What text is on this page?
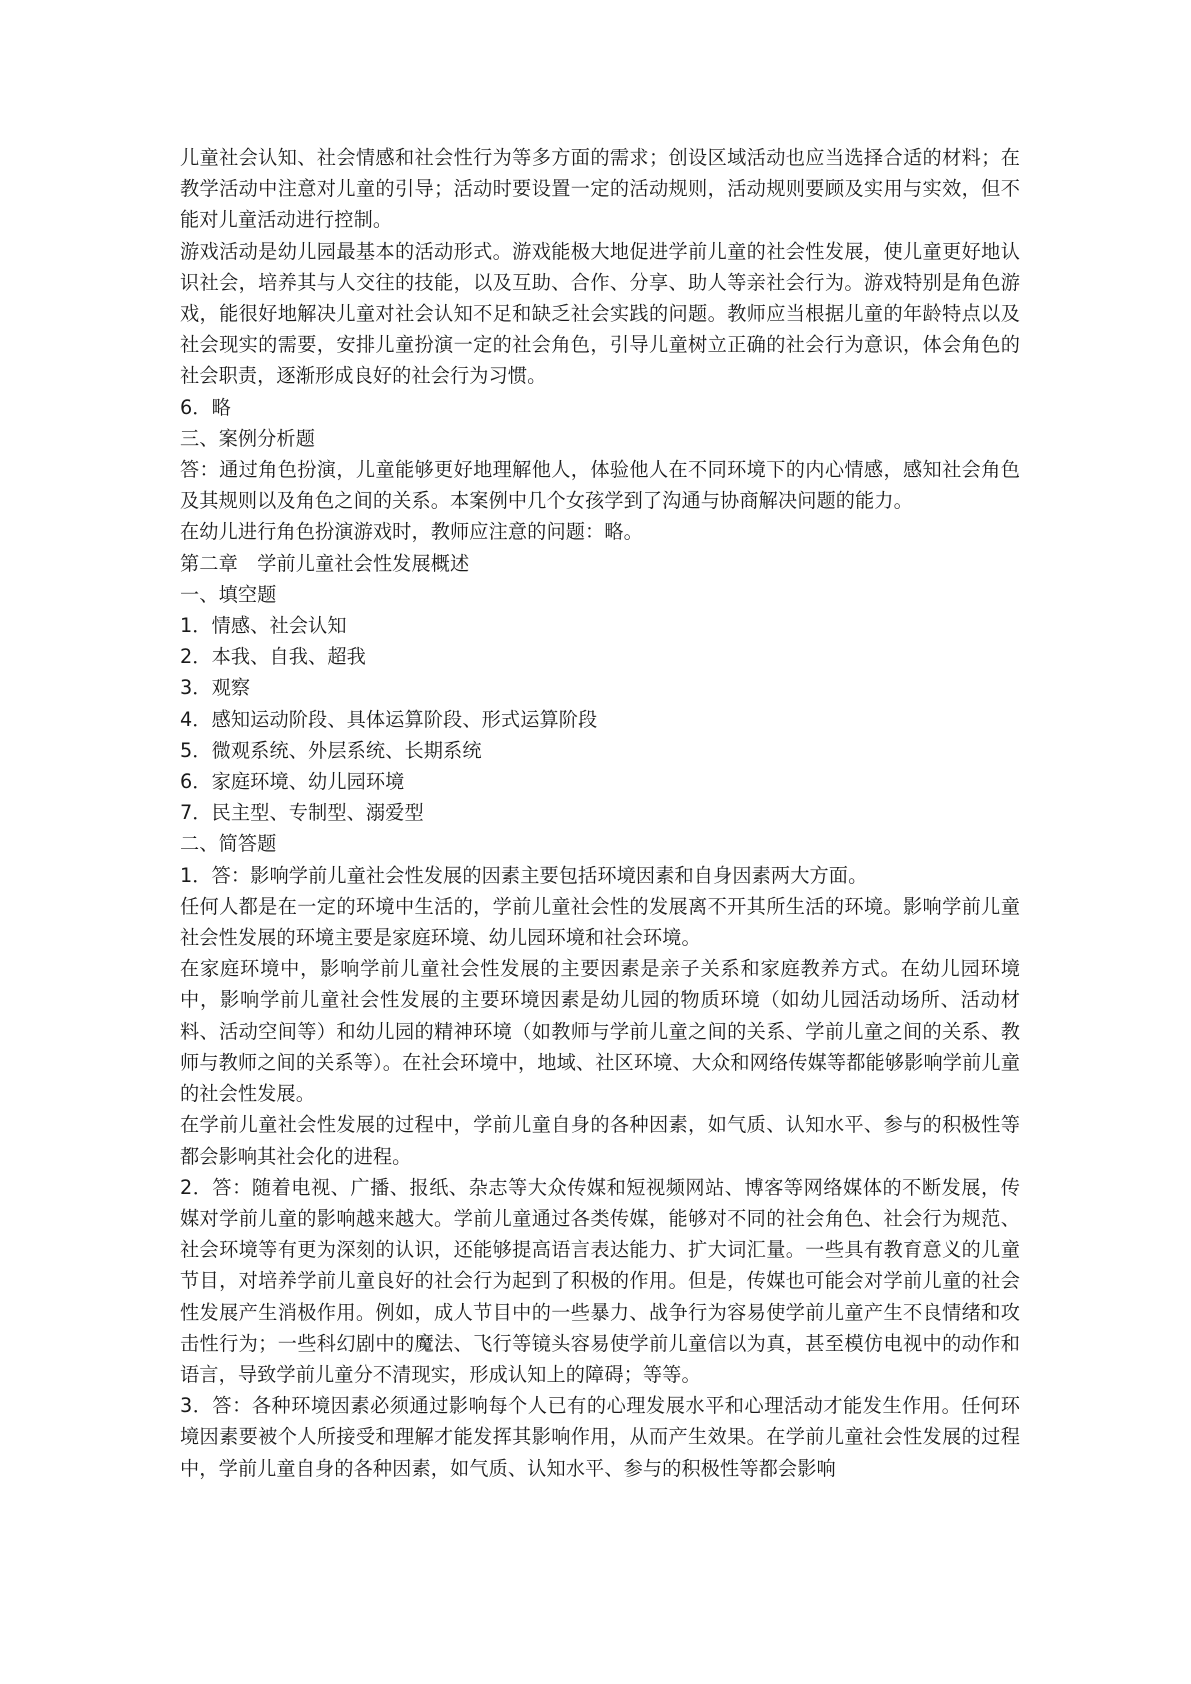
儿童社会认知、社会情感和社会性行为等多方面的需求；创设区域活动也应当选择合适的材料；在教学活动中注意对儿童的引导；活动时要设置一定的活动规则，活动规则要顾及实用与实效，但不能对儿童活动进行控制。

游戏活动是幼儿园最基本的活动形式。游戏能极大地促进学前儿童的社会性发展，使儿童更好地认识社会，培养其与人交往的技能，以及互助、合作、分享、助人等亲社会行为。游戏特别是角色游戏，能很好地解决儿童对社会认知不足和缺乏社会实践的问题。教师应当根据儿童的年龄特点以及社会现实的需要，安排儿童扮演一定的社会角色，引导儿童树立正确的社会行为意识，体会角色的社会职责，逐渐形成良好的社会行为习惯。

6．略

三、案例分析题

答：通过角色扮演，儿童能够更好地理解他人，体验他人在不同环境下的内心情感，感知社会角色及其规则以及角色之间的关系。本案例中几个女孩学到了沟通与协商解决问题的能力。

在幼儿进行角色扮演游戏时，教师应注意的问题：略。

第二章　学前儿童社会性发展概述

一、填空题

1．情感、社会认知

2．本我、自我、超我

3．观察

4．感知运动阶段、具体运算阶段、形式运算阶段

5．微观系统、外层系统、长期系统

6．家庭环境、幼儿园环境

7．民主型、专制型、溺爱型

二、简答题

1．答：影响学前儿童社会性发展的因素主要包括环境因素和自身因素两大方面。

任何人都是在一定的环境中生活的，学前儿童社会性的发展离不开其所生活的环境。影响学前儿童社会性发展的环境主要是家庭环境、幼儿园环境和社会环境。

在家庭环境中，影响学前儿童社会性发展的主要因素是亲子关系和家庭教养方式。在幼儿园环境中，影响学前儿童社会性发展的主要环境因素是幼儿园的物质环境（如幼儿园活动场所、活动材料、活动空间等）和幼儿园的精神环境（如教师与学前儿童之间的关系、学前儿童之间的关系、教师与教师之间的关系等）。在社会环境中，地域、社区环境、大众和网络传媒等都能够影响学前儿童的社会性发展。

在学前儿童社会性发展的过程中，学前儿童自身的各种因素，如气质、认知水平、参与的积极性等都会影响其社会化的进程。

2．答：随着电视、广播、报纸、杂志等大众传媒和短视频网站、博客等网络媒体的不断发展，传媒对学前儿童的影响越来越大。学前儿童通过各类传媒，能够对不同的社会角色、社会行为规范、社会环境等有更为深刻的认识，还能够提高语言表达能力、扩大词汇量。一些具有教育意义的儿童节目，对培养学前儿童良好的社会行为起到了积极的作用。但是，传媒也可能会对学前儿童的社会性发展产生消极作用。例如，成人节目中的一些暴力、战争行为容易使学前儿童产生不良情绪和攻击性行为；一些科幻剧中的魔法、飞行等镜头容易使学前儿童信以为真，甚至模仿电视中的动作和语言，导致学前儿童分不清现实，形成认知上的障碍；等等。

3．答：各种环境因素必须通过影响每个人已有的心理发展水平和心理活动才能发生作用。任何环境因素要被个人所接受和理解才能发挥其影响作用，从而产生效果。在学前儿童社会性发展的过程中，学前儿童自身的各种因素，如气质、认知水平、参与的积极性等都会影响
